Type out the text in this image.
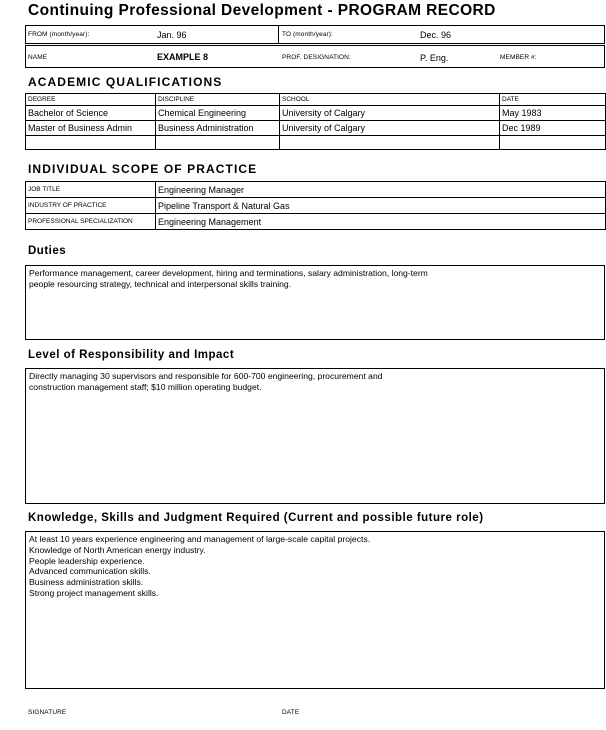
Continuing Professional Development - PROGRAM RECORD
FROM (month/year):	Jan. 96	TO (month/year):	Dec. 96
NAME	EXAMPLE 8	PROF. DESIGNATION:	P. Eng.	MEMBER #:
ACADEMIC QUALIFICATIONS
DEGREE	DISCIPLINE	SCHOOL	DATE
Bachelor of Science	Chemical Engineering	University of Calgary	May 1983
Master of Business Admin	Business Administration	University of Calgary	Dec 1989

INDIVIDUAL SCOPE OF PRACTICE
JOB TITLE	Engineering Manager
INDUSTRY OF PRACTICE	Pipeline Transport & Natural Gas
PROFESSIONAL SPECIALIZATION	Engineering Management
Duties
Performance management, career development, hiring and terminations, salary administration, long-term
people resourcing strategy, technical and interpersonal skills training.
Level of Responsibility and Impact
Directly managing 30 supervisors and responsible for 600-700 engineering, procurement and
construction management staff; $10 million operating budget.
Knowledge, Skills and Judgment Required (Current and possible future role)
At least 10 years experience engineering and management of large-scale capital projects.
Knowledge of North American energy industry.
People leadership experience.
Advanced communication skills.
Business administration skills.
Strong project management skills.
SIGNATURE	DATE
